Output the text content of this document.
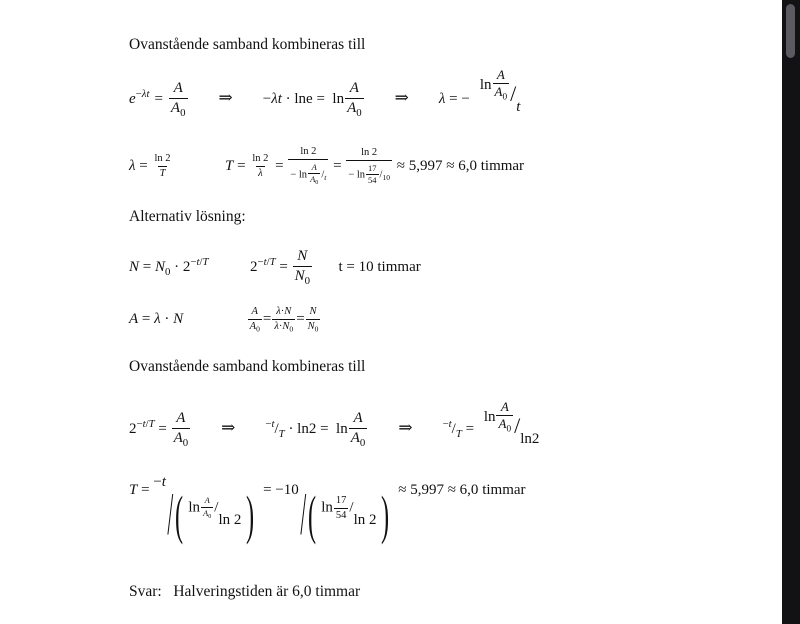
Ovanstående samband kombineras till
$e^{-\lambda t} = \frac{A}{A_0}$ ⇒ $-\lambda t \cdot \ln e = \ln \frac{A}{A_0}$ ⇒ $\lambda = -\ln \frac{A}{A_0} /t$
$\lambda = \frac{\ln 2}{T}$	$T = \frac{\ln 2}{\lambda} = \frac{\ln 2}{- \ln \frac{A}{A_0} /_t} = \frac{\ln 2}{- \ln \frac{17}{54} /_{10}} \approx 5,997 \approx 6,0$ timmar
Alternativ lösning:
$N = N_0 \cdot 2^{-t/T}$	$2^{-t/T} = \frac{N}{N_0}$ t = 10 timmar
A = λ · N	$\frac{A}{A_0} = \frac{\lambda\cdot N}{\lambda\cdot N_0} = \frac{N}{N_0}$
Ovanstående samband kombineras till
$2^{-t/T} = \frac{A}{A_0}$ ⇒	$^{-t}/_T \cdot \ln 2 = \ln \frac{A}{A_0}$ ⇒	$^{-t}/_T = \ln \frac{A}{A_0} /\ln 2$
T = $^{-t}$ /( $\ln \frac{A}{A_0} /\ln$ 2) = −10 /( $\ln \frac{17}{54} /\ln$ 2) ≈ 5,997 ≈ 6,0 timmar
Svar: Halveringstiden är 6,0 timmar
